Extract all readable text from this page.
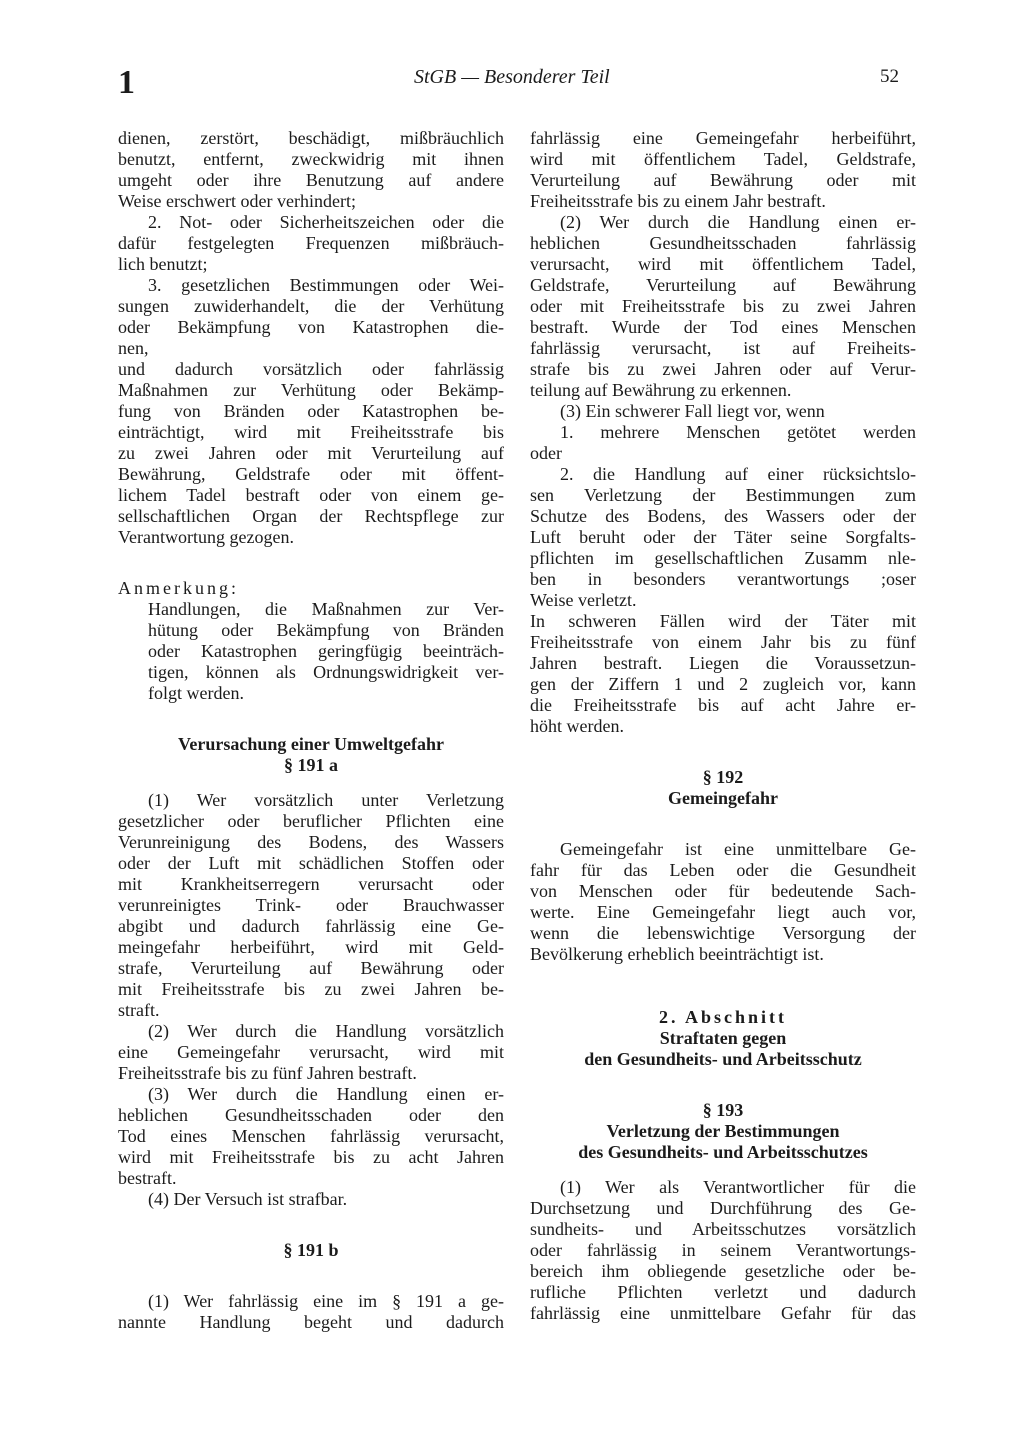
1	StGB — Besonderer Teil	52
dienen, zerstört, beschädigt, mißbräuchlich
benutzt, entfernt, zweckwidrig mit ihnen
umgeht oder ihre Benutzung auf andere
Weise erschwert oder verhindert;
2. Not- oder Sicherheitszeichen oder die
dafür festgelegten Frequenzen mißbräuch-
lich benutzt;
3. gesetzlichen Bestimmungen oder Wei-
sungen zuwiderhandelt, die der Verhütung
oder Bekämpfung von Katastrophen die-
nen,
und dadurch vorsätzlich oder fahrlässig
Maßnahmen zur Verhütung oder Bekämp-
fung von Bränden oder Katastrophen be-
einträchtigt, wird mit Freiheitsstrafe bis
zu zwei Jahren oder mit Verurteilung auf
Bewährung, Geldstrafe oder mit öffent-
lichem Tadel bestraft oder von einem ge-
sellschaftlichen Organ der Rechtspflege zur
Verantwortung gezogen.
Anmerkung:
Handlungen, die Maßnahmen zur Ver-
hütung oder Bekämpfung von Bränden
oder Katastrophen geringfügig beeinträch-
tigen, können als Ordnungswidrigkeit ver-
folgt werden.
Verursachung einer Umweltgefahr
§ 191 a
(1) Wer vorsätzlich unter Verletzung
gesetzlicher oder beruflicher Pflichten eine
Verunreinigung des Bodens, des Wassers
oder der Luft mit schädlichen Stoffen oder
mit Krankheitserregern verursacht oder
verunreinigtes Trink- oder Brauchwasser
abgibt und dadurch fahrlässig eine Ge-
meingefahr herbeiführt, wird mit Geld-
strafe, Verurteilung auf Bewährung oder
mit Freiheitsstrafe bis zu zwei Jahren be-
straft.
(2) Wer durch die Handlung vorsätzlich
eine Gemeingefahr verursacht, wird mit
Freiheitsstrafe bis zu fünf Jahren bestraft.
(3) Wer durch die Handlung einen er-
heblichen Gesundheitsschaden oder den
Tod eines Menschen fahrlässig verursacht,
wird mit Freiheitsstrafe bis zu acht Jahren
bestraft.
(4) Der Versuch ist strafbar.
§ 191 b
(1) Wer fahrlässig eine im § 191 a ge-
nannte Handlung begeht und dadurch
fahrlässig eine Gemeingefahr herbeiführt,
wird mit öffentlichem Tadel, Geldstrafe,
Verurteilung auf Bewährung oder mit
Freiheitsstrafe bis zu einem Jahr bestraft.
(2) Wer durch die Handlung einen er-
heblichen Gesundheitsschaden fahrlässig
verursacht, wird mit öffentlichem Tadel,
Geldstrafe, Verurteilung auf Bewährung
oder mit Freiheitsstrafe bis zu zwei Jahren
bestraft. Wurde der Tod eines Menschen
fahrlässig verursacht, ist auf Freiheits-
strafe bis zu zwei Jahren oder auf Verur-
teilung auf Bewährung zu erkennen.
(3) Ein schwerer Fall liegt vor, wenn
1. mehrere Menschen getötet werden
oder
2. die Handlung auf einer rücksichtslo-
sen Verletzung der Bestimmungen zum
Schutze des Bodens, des Wassers oder der
Luft beruht oder der Täter seine Sorgfalts-
pflichten im gesellschaftlichen Zusamm nle-
ben in besonders verantwortungs ;oser
Weise verletzt.
In schweren Fällen wird der Täter mit
Freiheitsstrafe von einem Jahr bis zu fünf
Jahren bestraft. Liegen die Voraussetzun-
gen der Ziffern 1 und 2 zugleich vor, kann
die Freiheitsstrafe bis auf acht Jahre er-
höht werden.
§ 192
Gemeingefahr
Gemeingefahr ist eine unmittelbare Ge-
fahr für das Leben oder die Gesundheit
von Menschen oder für bedeutende Sach-
werte. Eine Gemeingefahr liegt auch vor,
wenn die lebenswichtige Versorgung der
Bevölkerung erheblich beeinträchtigt ist.
2. Abschnitt
Straftaten gegen
den Gesundheits- und Arbeitsschutz
§ 193
Verletzung der Bestimmungen
des Gesundheits- und Arbeitsschutzes
(1) Wer als Verantwortlicher für die
Durchsetzung und Durchführung des Ge-
sundheits- und Arbeitsschutzes vorsätzlich
oder fahrlässig in seinem Verantwortungs-
bereich ihm obliegende gesetzliche oder be-
rufliche Pflichten verletzt und dadurch
fahrlässig eine unmittelbare Gefahr für das
